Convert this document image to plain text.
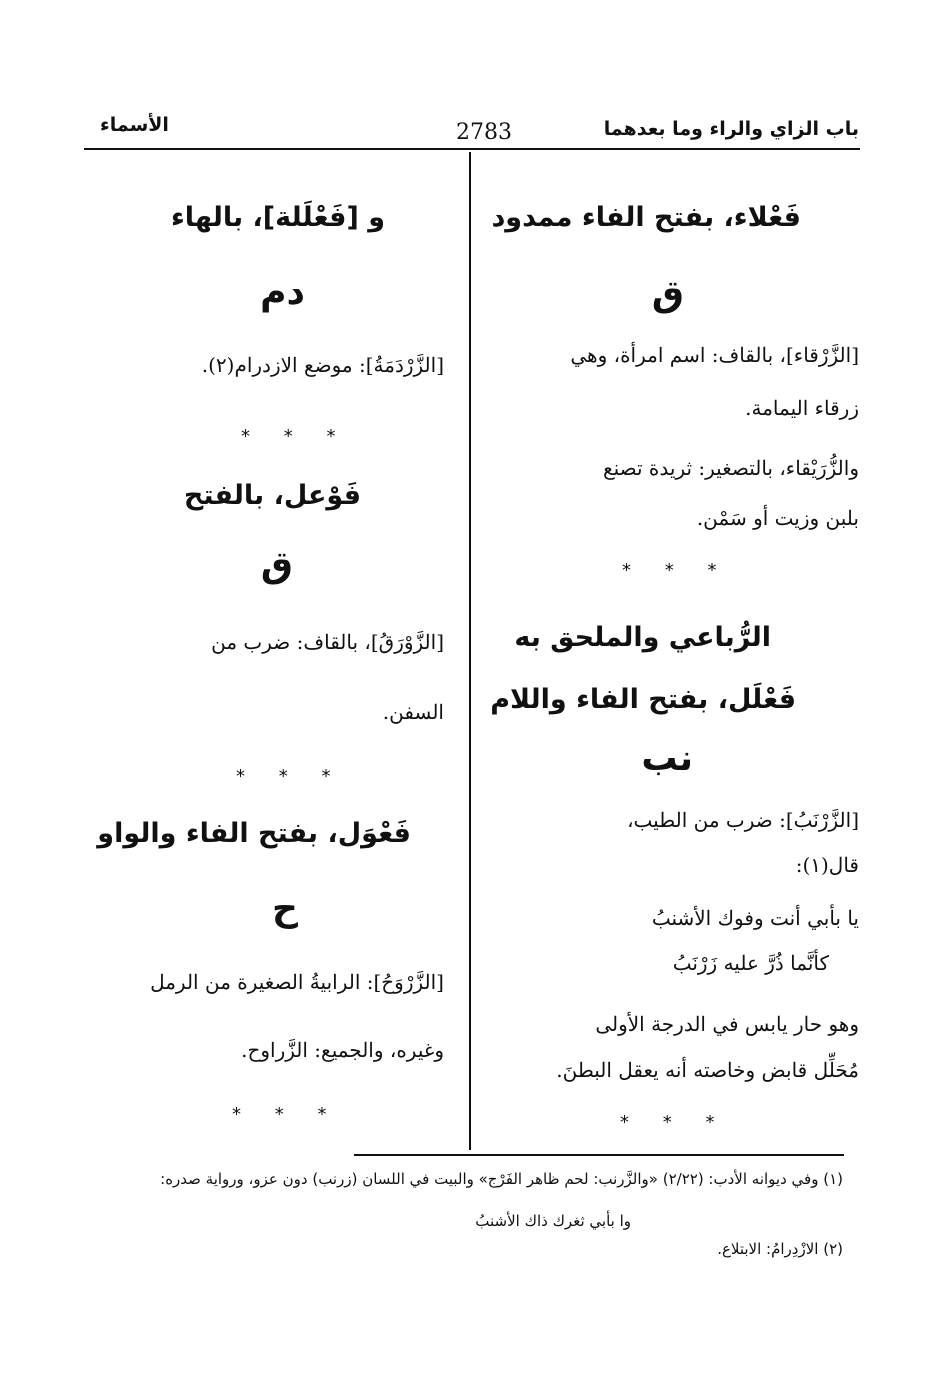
باب الزاي والراء وما بعدهما
2783
الأسماء
فَعْلاء، بفتح الفاء ممدود
ق
[الزَّرْقاء]، بالقاف: اسم امرأة، وهي
زرقاء اليمامة.
والزُّرَيْقاء، بالتصغير: ثريدة تصنع
بلبن وزيت أو سَمْن.
* * *
الرُّباعي والملحق به
فَعْلَل، بفتح الفاء واللام
نب
[الزَّرْنَبُ]: ضرب من الطيب،
قال(١):
يا بأبي أنت وفوك الأشنبُ
كأنَّما ذُرَّ عليه زَرْنَبُ
وهو حار يابس في الدرجة الأولى
مُحَلِّل قابض وخاصته أنه يعقل البطنَ.
* * *
و [فَعْلَلة]، بالهاء
دم
[الزَّرْدَمَةُ]: موضع الازدرام(٢).
* * *
فَوْعل، بالفتح
ق
[الزَّوْرَقُ]، بالقاف: ضرب من
السفن.
* * *
فَعْوَل، بفتح الفاء والواو
ح
[الزَّرْوَحُ]: الرابيةُ الصغيرة من الرمل
وغيره، والجميع: الزَّراوح.
* * *
(١) وفي ديوانه الأدب: (٢/٢٢) «والزَّرنب: لحم ظاهر الفَرْج» والبيت في اللسان (زرنب) دون عزو، ورواية صدره:
وا بأبي ثغرك ذاك الأشنبُ
(٢) الازْدِرامُ: الابتلاع.
